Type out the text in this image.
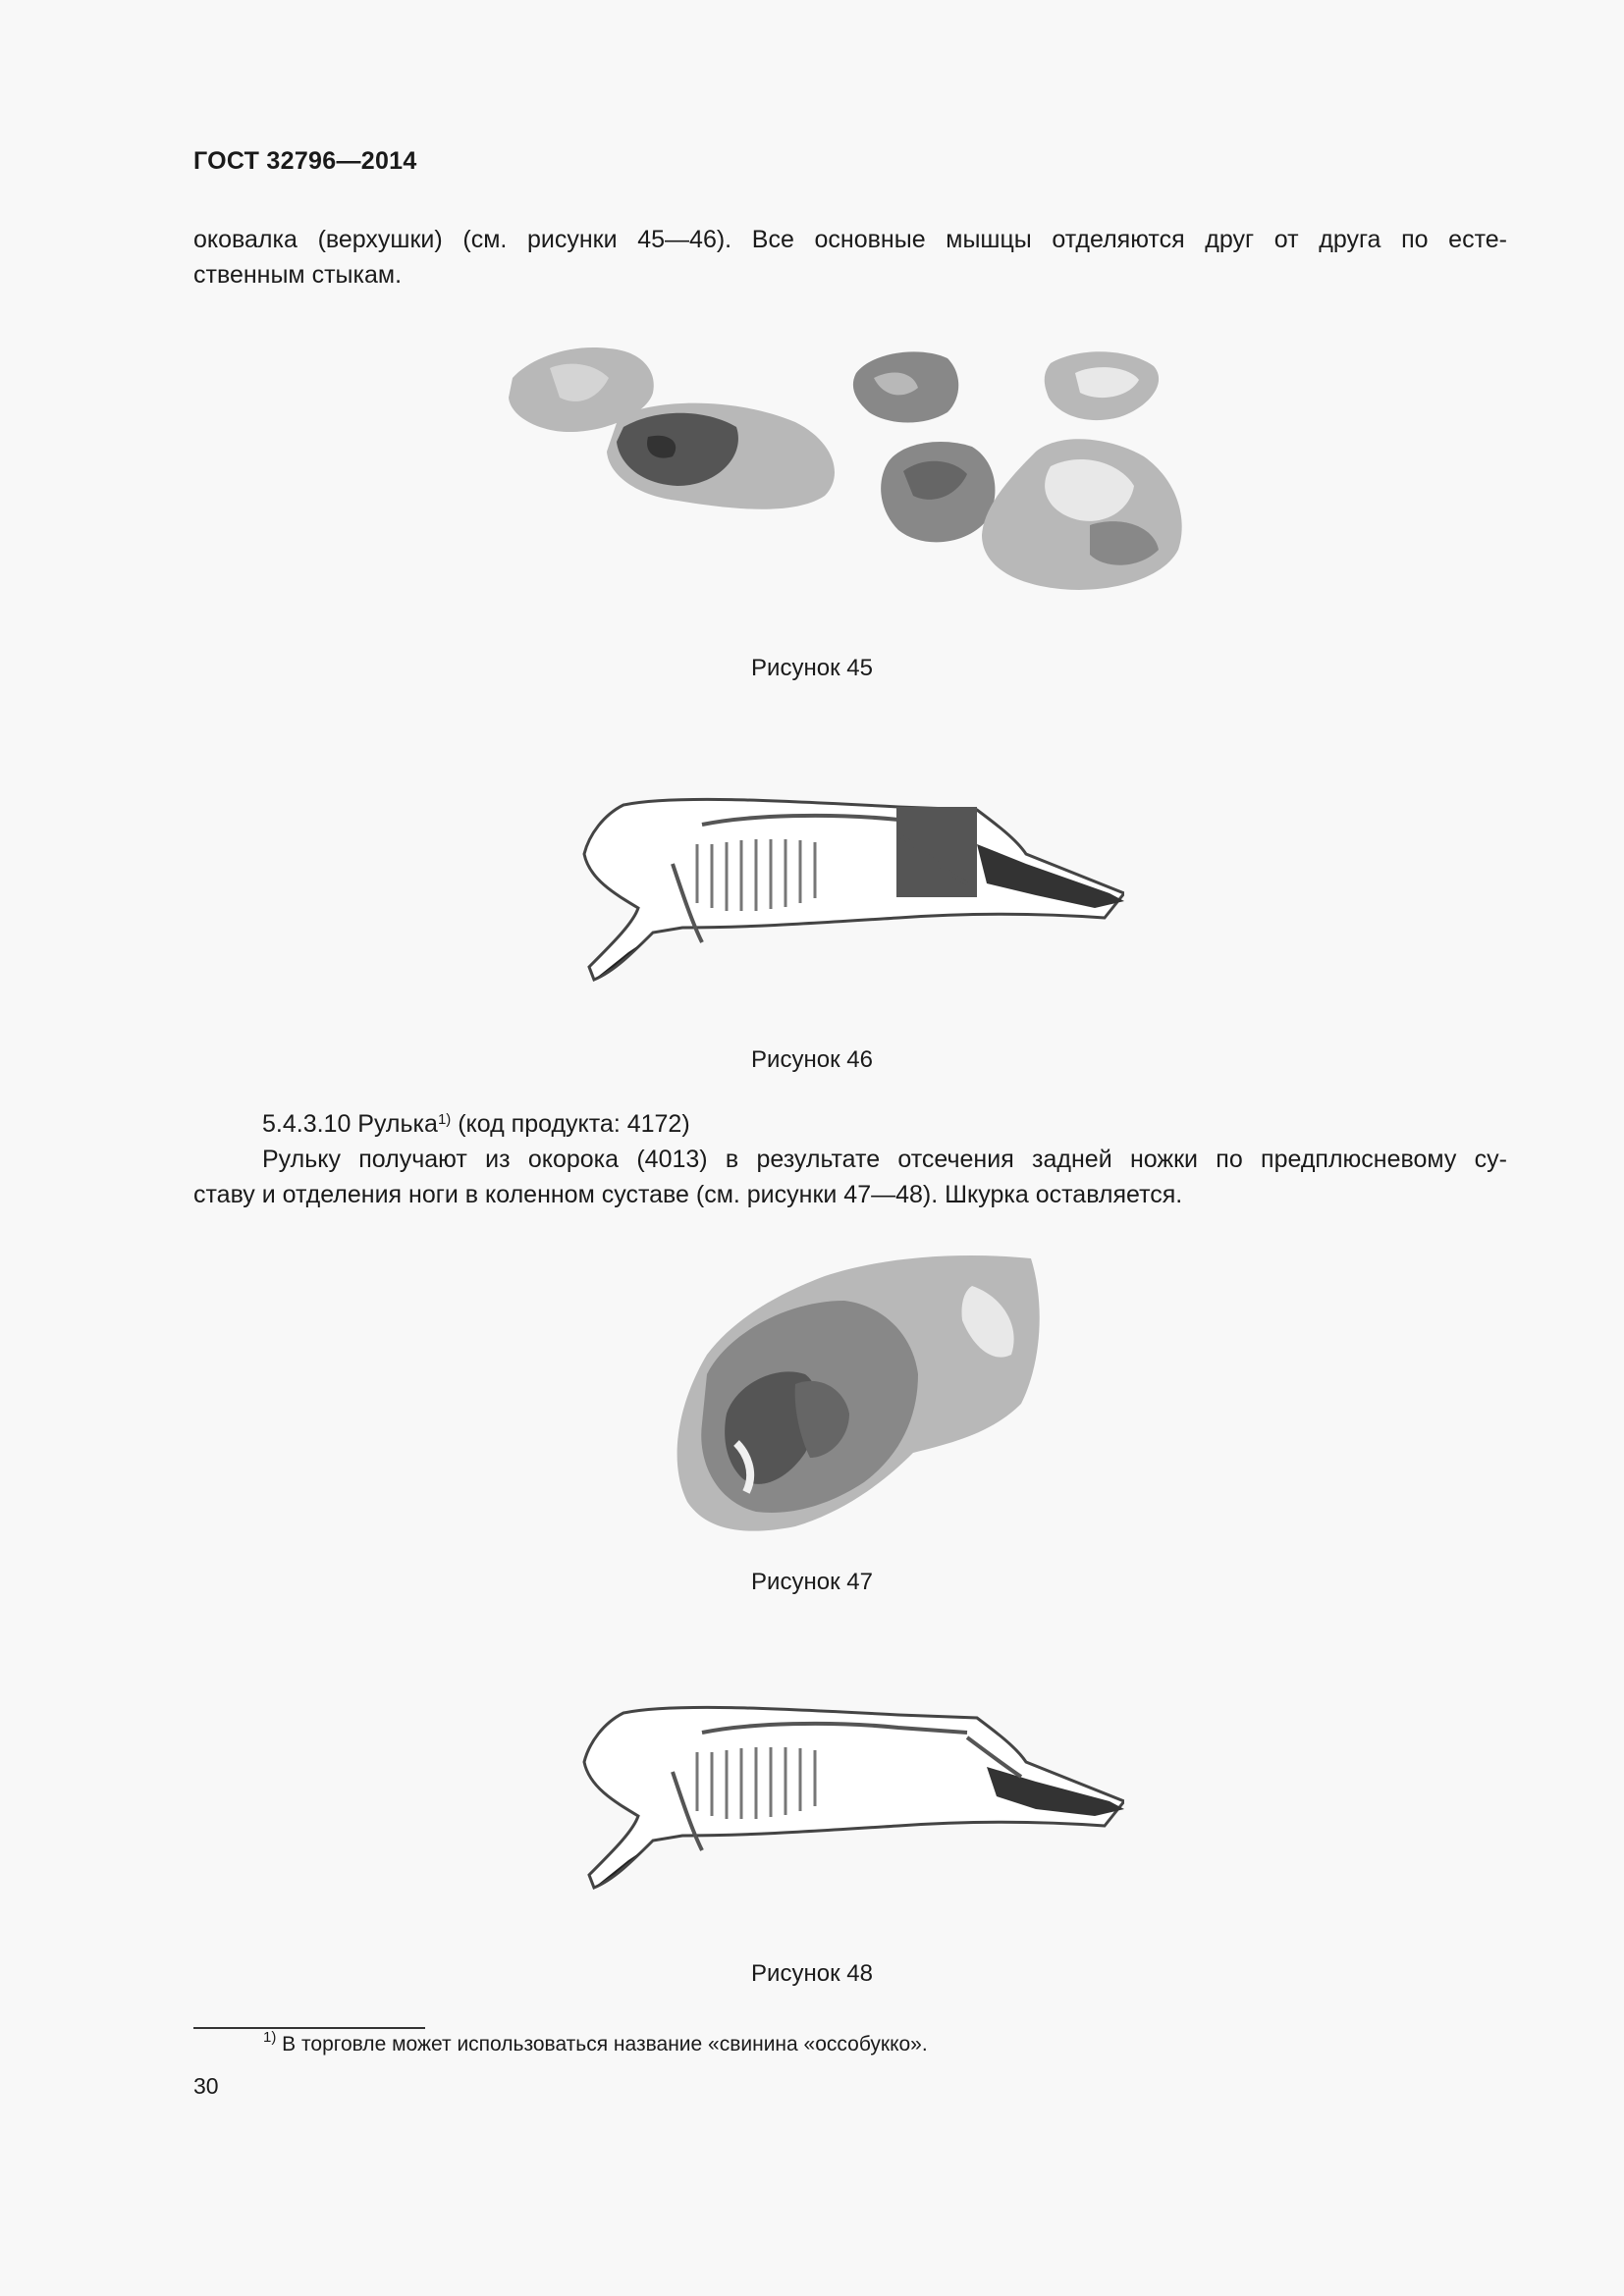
ГОСТ 32796—2014
оковалка (верхушки) (см. рисунки 45—46). Все основные мышцы отделяются друг от друга по есте-
ственным стыкам.
Рисунок 45
Рисунок 46
5.4.3.10 Рулька$^{1)}$ (код продукта: 4172)
Рульку получают из окорока (4013) в результате отсечения задней ножки по предплюсневому су-
ставу и отделения ноги в коленном суставе (см. рисунки 47—48). Шкурка оставляется.
Рисунок 47
Рисунок 48
$^{1)}$ В торговле может использоваться название «свинина «оссобукко».
30
